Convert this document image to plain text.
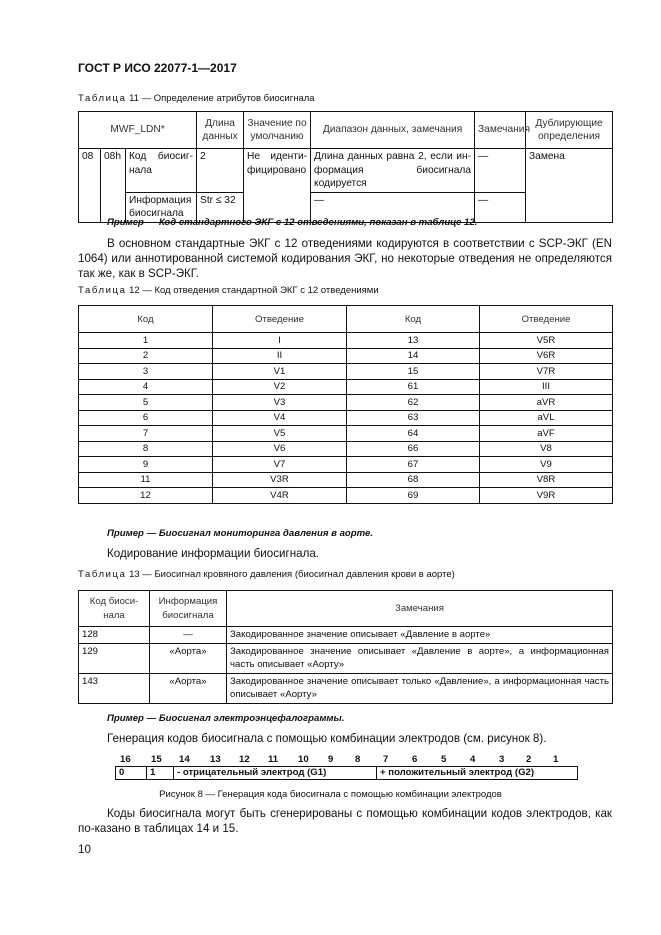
ГОСТ Р ИСО 22077-1—2017
Таблица 11 — Определение атрибутов биосигнала
MWF_LDN*			Длина данных	Значение по умолчанию	Диапазон данных, замечания	Замечания	Дублирующие определения
08	08h	Код биосиг-нала	2	Не иденти-фицировано	Длина данных равна 2, если ин-формация биосигнала кодируется	—	Замена
		Информация биосигнала	Str ≤ 32		—	—	
Пример — Код стандартного ЭКГ с 12 отведениями, показан в таблице 12.
В основном стандартные ЭКГ с 12 отведениями кодируются в соответствии с SCP-ЭКГ (EN 1064) или аннотированной системой кодирования ЭКГ, но некоторые отведения не определяются так же, как в SCP-ЭКГ.
Таблица 12 — Код отведения стандартной ЭКГ с 12 отведениями
Код	Отведение	Код	Отведение
1	I	13	V5R
2	II	14	V6R
3	V1	15	V7R
4	V2	61	III
5	V3	62	aVR
6	V4	63	aVL
7	V5	64	aVF
8	V6	66	V8
9	V7	67	V9
11	V3R	68	V8R
12	V4R	69	V9R
Пример — Биосигнал мониторинга давления в аорте.
Кодирование информации биосигнала.
Таблица 13 — Биосигнал кровяного давления (биосигнал давления крови в аорте)
Код биоси-нала	Информация биосигнала	Замечания
128	—	Закодированное значение описывает «Давление в аорте»
129	«Аорта»	Закодированное значение описывает «Давление в аорте», а информационная часть описывает «Аорту»
143	«Аорта»	Закодированное значение описывает только «Давление», а информационная часть описывает «Аорту»
Пример — Биосигнал электроэнцефалограммы.
Генерация кодов биосигнала с помощью комбинации электродов (см. рисунок 8).
16 15 14 13 12 11 10 9 8 7 6 5 4 3 2 1
0	1	- отрицательный электрод (G1)	+ положительный электрод (G2)
Рисунок 8 — Генерация кода биосигнала с помощью комбинации электродов
Коды биосигнала могут быть сгенерированы с помощью комбинации кодов электродов, как по-казано в таблицах 14 и 15.
10
